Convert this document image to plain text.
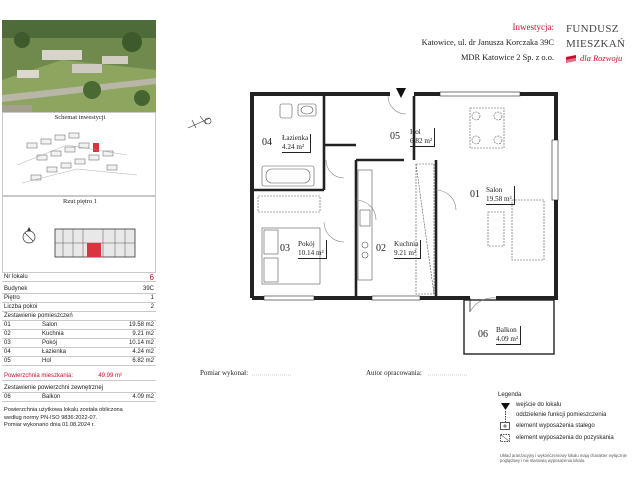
Schemat inwestycji
Rzut piętro 1
Nr lokalu	6
Budynek	39C
Piętro	1
Liczba pokoi	2
Zestawienie pomieszczeń
01	Salon	19.58 m2
02	Kuchnia	9.21 m2
03	Pokój	10.14 m2
04	Łazienka	4.24 m2
05	Hol	6.82 m2
Powierzchnia mieszkania:	49.99 m²
Zestawienie powierzchni zewnętrznej
06	Balkon	4.09 m2
Powierzchnia użytkowa lokalu została obliczona
według normy PN-ISO 9836:2022-07.
Pomiar wykonano dnia 01.08.2024 r.
Inwestycja:
Katowice, ul. dr Janusza Korczaka 39C
MDR Katowice 2 Sp. z o.o.
FUNDUSZ
MIESZKAŃ
dla Rozwoju
04 Łazienka
4.24 m²
05 Hol
6.82 m²
01 Salon
19.58 m²
03 Pokój
10.14 m²	02 Kuchnia
9.21 m²
06 Balkon
4.09 m²
Pomiar wykonał:	Autor opracowania:
Legenda
wejście do lokalu
oddzielenie funkcji pomieszczenia
element wyposażenia stałego
element wyposażenia do pozyskania
Układ aranżacyjny i wykończeniowy lokalu mają charakter wyłącznie poglądowy i nie stanowią wyposażenia lokalu.
